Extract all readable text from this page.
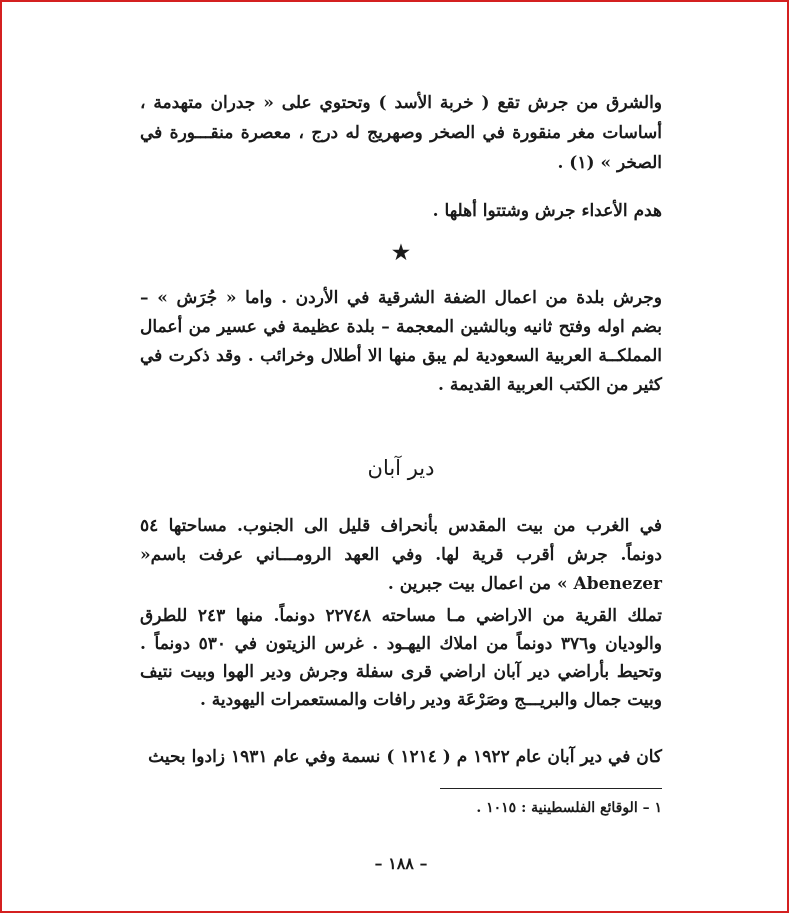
والشرق من جرش تقع ( خربة الأسد ) وتحتوي على « جدران متهدمة ، أساسات مغر منقورة في الصخر وصهريج له درج ، معصرة منقـــورة في الصخر » (١) .

هدم الأعداء جرش وشتتوا أهلها .

★

وجرش بلدة من اعمال الضفة الشرقية في الأردن . واما « جُرَش » – بضم اوله وفتح ثانيه وبالشين المعجمة – بلدة عظيمة في عسير من أعمال المملكــة العربية السعودية لم يبق منها الا أطلال وخرائب . وقد ذكرت في كثير من الكتب العربية القديمة .

دير آبان

في الغرب من بيت المقدس بأنحراف قليل الى الجنوب. مساحتها ٥٤ دونماً. جرش أقرب قرية لها. وفي العهد الرومـــاني عرفت باسم« Abenezer » من اعمال بيت جبرين .

تملك القرية من الاراضي مـا مساحته ٢٢٧٤٨ دونماً. منها ٢٤٣ للطرق والوديان و٣٧٦ دونماً من املاك اليهـود . غرس الزيتون في ٥٣٠ دونماً . وتحيط بأراضي دير آبان اراضي قرى سفلة وجرش ودير الهوا وبيت نتيف وبيت جمال والبريـــج وصَرْعَة ودير رافات والمستعمرات اليهودية .

كان في دير آبان عام ١٩٢٢ م ( ١٢١٤ ) نسمة وفي عام ١٩٣١ زادوا بحيث

١ – الوقائع الفلسطينية : ١٠١٥ .
– ١٨٨ –
